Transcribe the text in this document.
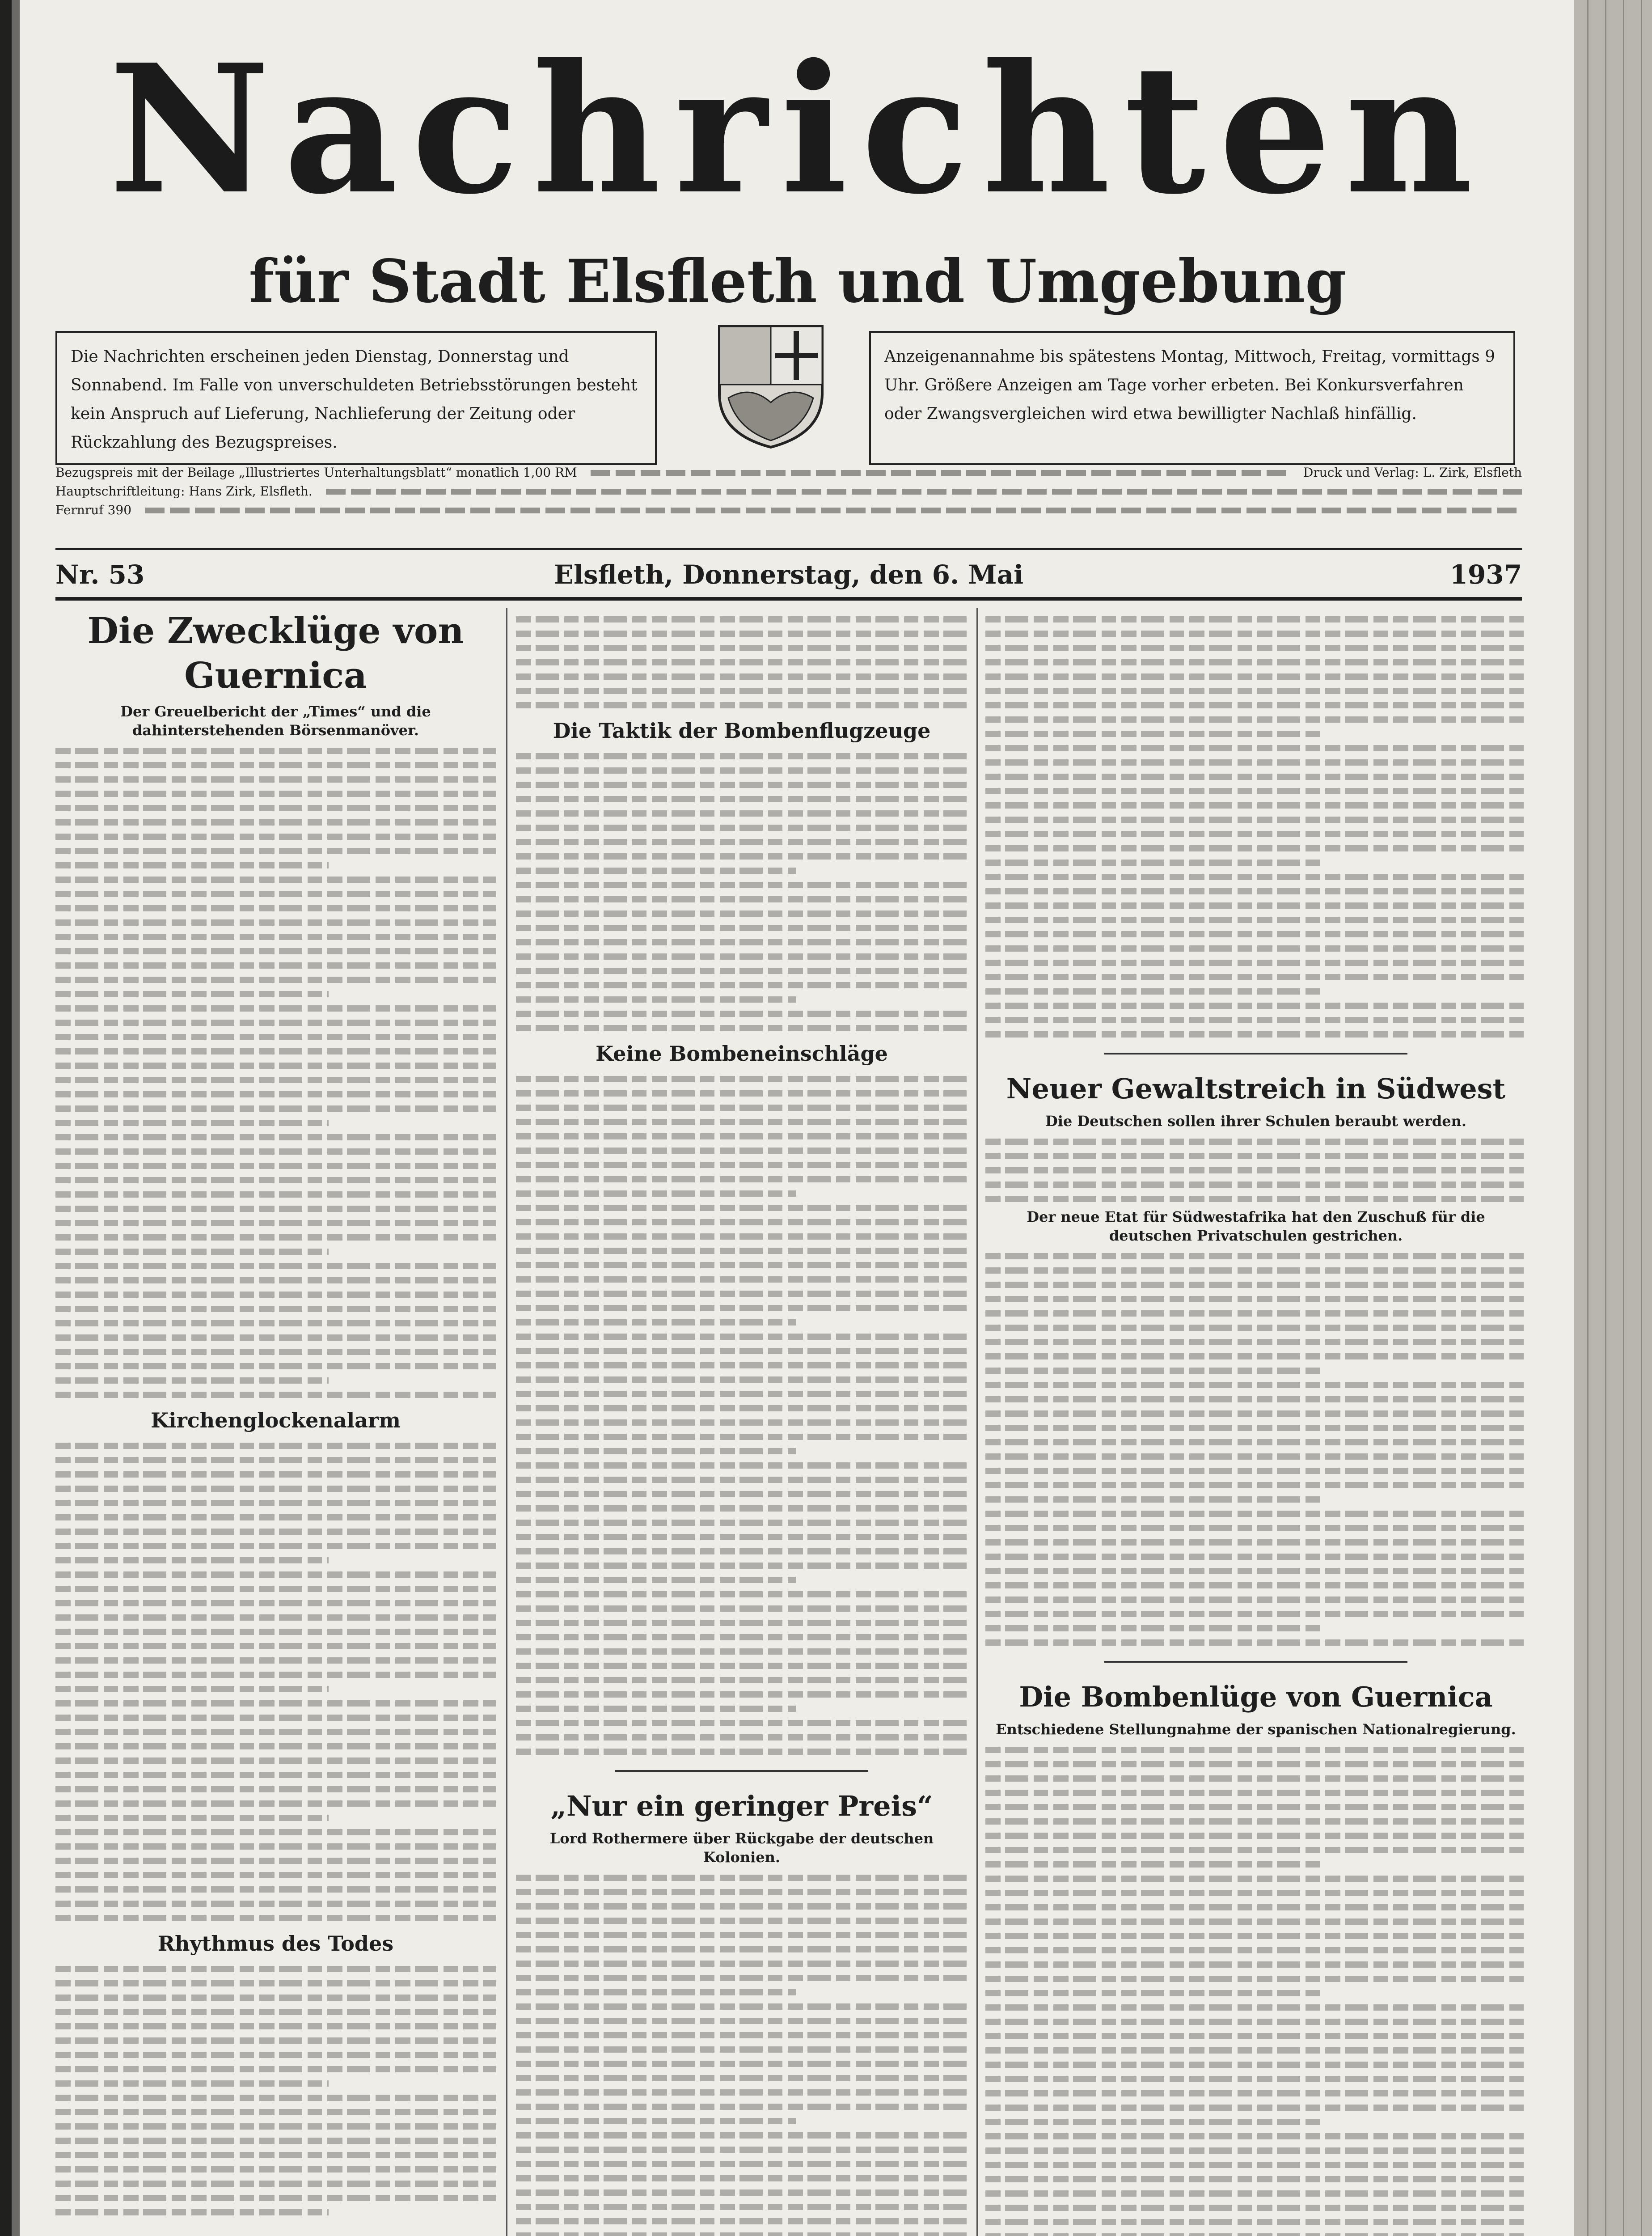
Nachrichten
für Stadt Elsfleth und Umgebung
Die Nachrichten erscheinen jeden Dienstag, Donnerstag und Sonnabend. Im Falle von unverschuldeten Betriebsstörungen besteht kein Anspruch auf Lieferung, Nachlieferung der Zeitung oder Rückzahlung des Bezugspreises.
Anzeigenannahme bis spätestens Montag, Mittwoch, Freitag, vormittags 9 Uhr. Größere Anzeigen am Tage vorher erbeten. Bei Konkursverfahren oder Zwangsvergleichen wird etwa bewilligter Nachlaß hinfällig.
Bezugspreis mit der Beilage „Illustriertes Unterhaltungsblatt“ monatlich 1,00 RM	Druck und Verlag: L. Zirk, Elsfleth
Hauptschriftleitung: Hans Zirk, Elsfleth.
Fernruf 390
Nr. 53	Elsfleth, Donnerstag, den 6. Mai	1937
Die Zwecklüge von Guernica
Der Greuelbericht der „Times“ und die dahinterstehenden Börsenmanöver.
Kirchenglockenalarm
Rhythmus des Todes
Die Taktik der Bombenflugzeuge
Keine Bombeneinschläge
„Nur ein geringer Preis“
Lord Rothermere über Rückgabe der deutschen Kolonien.
Neuer Gewaltstreich in Südwest
Die Deutschen sollen ihrer Schulen beraubt werden.
Der neue Etat für Südwestafrika hat den Zuschuß für die deutschen Privatschulen gestrichen.
Die Bombenlüge von Guernica
Entschiedene Stellungnahme der spanischen Nationalregierung.
